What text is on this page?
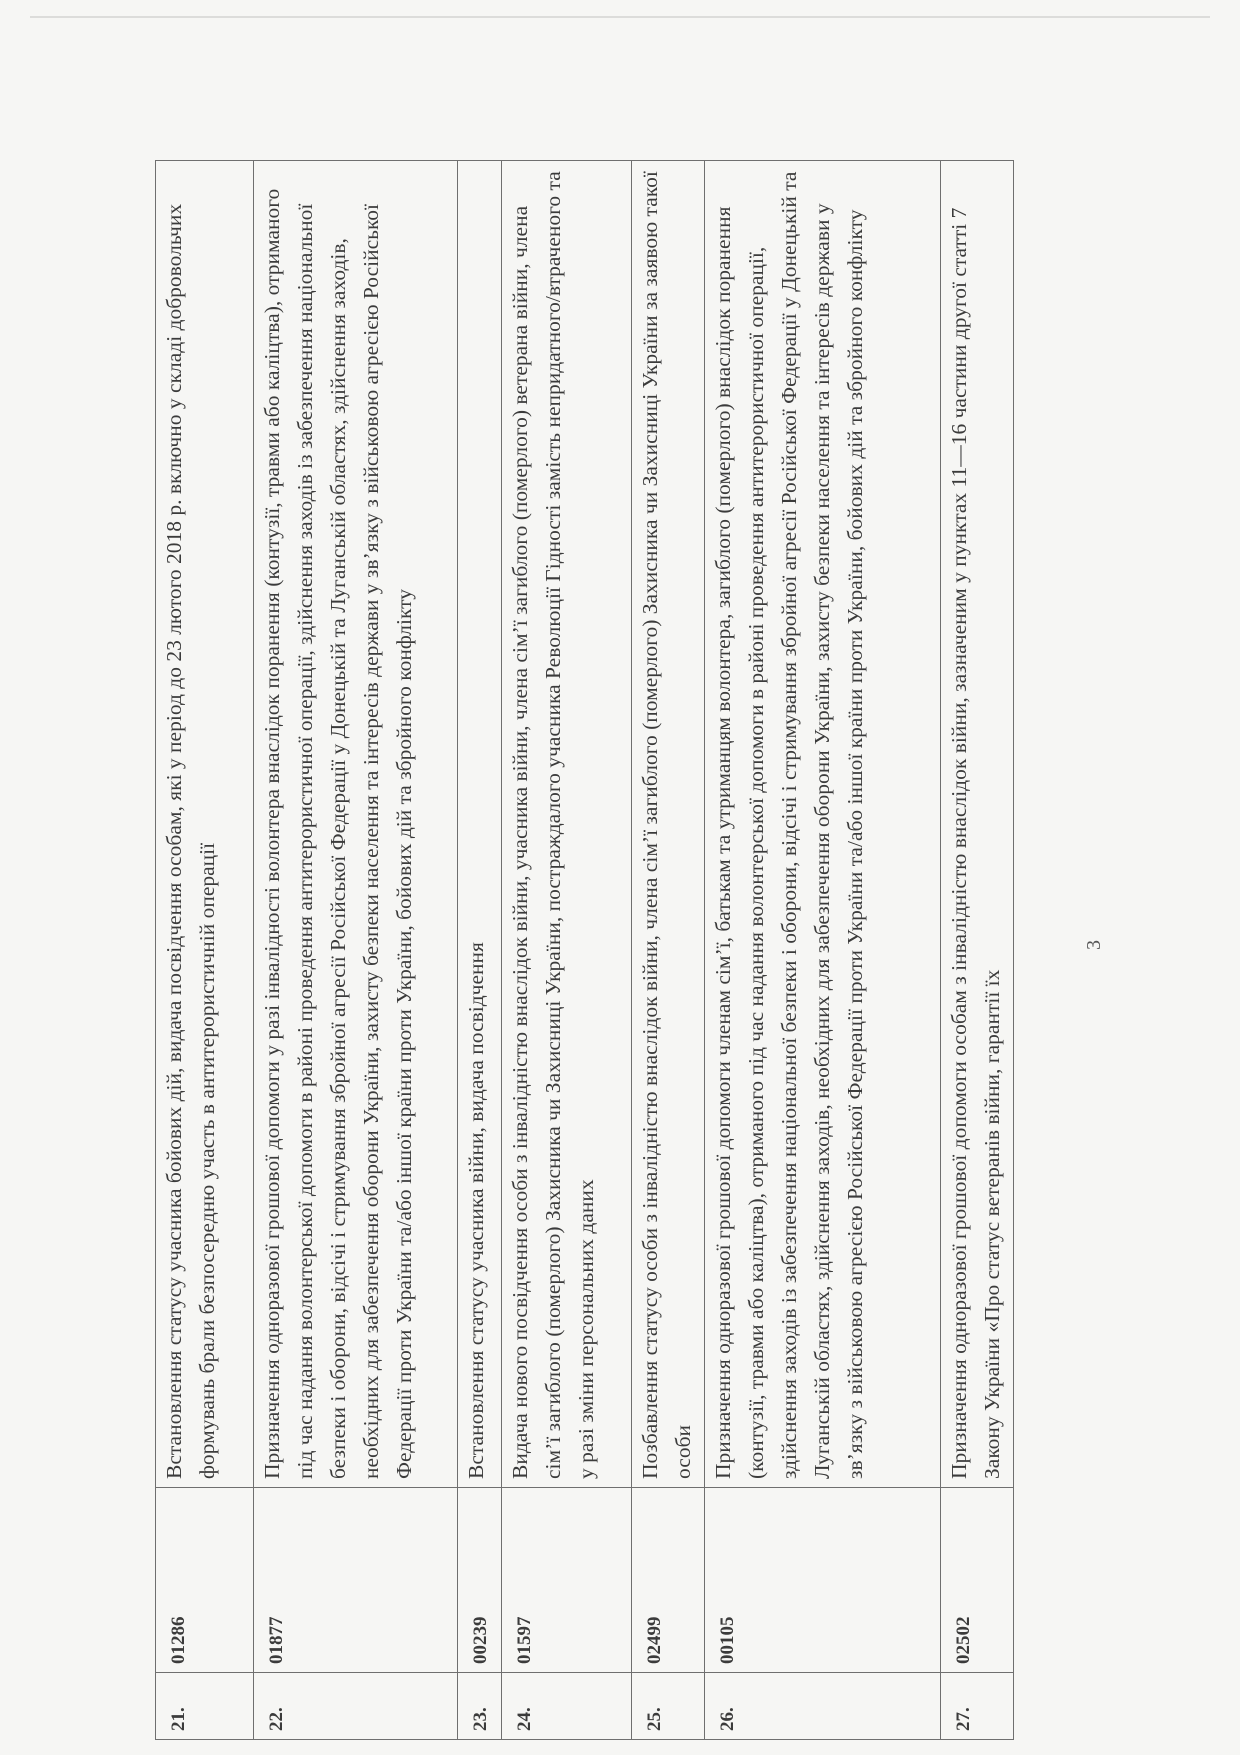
21.	01286	Встановлення статусу учасника бойових дій, видача посвідчення особам, які у період до 23 лютого 2018 р. включно у складі добровольчих формувань брали безпосередню участь в антитерористичній операції
22.	01877	Призначення одноразової грошової допомоги у разі інвалідності волонтера внаслідок поранення (контузії, травми або каліцтва), отриманого під час надання волонтерської допомоги в районі проведення антитерористичної операції, здійснення заходів із забезпечення національної безпеки і оборони, відсічі і стримування збройної агресії Російської Федерації у Донецькій та Луганській областях, здійснення заходів, необхідних для забезпечення оборони України, захисту безпеки населення та інтересів держави у зв’язку з військовою агресією Російської Федерації проти України та/або іншої країни проти України, бойових дій та збройного конфлікту
23.	00239	Встановлення статусу учасника війни, видача посвідчення
24.	01597	Видача нового посвідчення особи з інвалідністю внаслідок війни, учасника війни, члена сім’ї загиблого (померлого) ветерана війни, члена сім’ї загиблого (померлого) Захисника чи Захисниці України, постраждалого учасника Революції Гідності замість непридатного/втраченого та у разі зміни персональних даних
25.	02499	Позбавлення статусу особи з інвалідністю внаслідок війни, члена сім’ї загиблого (померлого) Захисника чи Захисниці України за заявою такої особи
26.	00105	Призначення одноразової грошової допомоги членам сім’ї, батькам та утриманцям волонтера, загиблого (померлого) внаслідок поранення (контузії, травми або каліцтва), отриманого під час надання волонтерської допомоги в районі проведення антитерористичної операції, здійснення заходів із забезпечення національної безпеки і оборони, відсічі і стримування збройної агресії Російської Федерації у Донецькій та Луганській областях, здійснення заходів, необхідних для забезпечення оборони України, захисту безпеки населення та інтересів держави у зв’язку з військовою агресією Російської Федерації проти України та/або іншої країни проти України, бойових дій та збройного конфлікту
27.	02502	Призначення одноразової грошової допомоги особам з інвалідністю внаслідок війни, зазначеним у пунктах 11—16 частини другої статті 7 Закону України «Про статус ветеранів війни, гарантії їх
3
